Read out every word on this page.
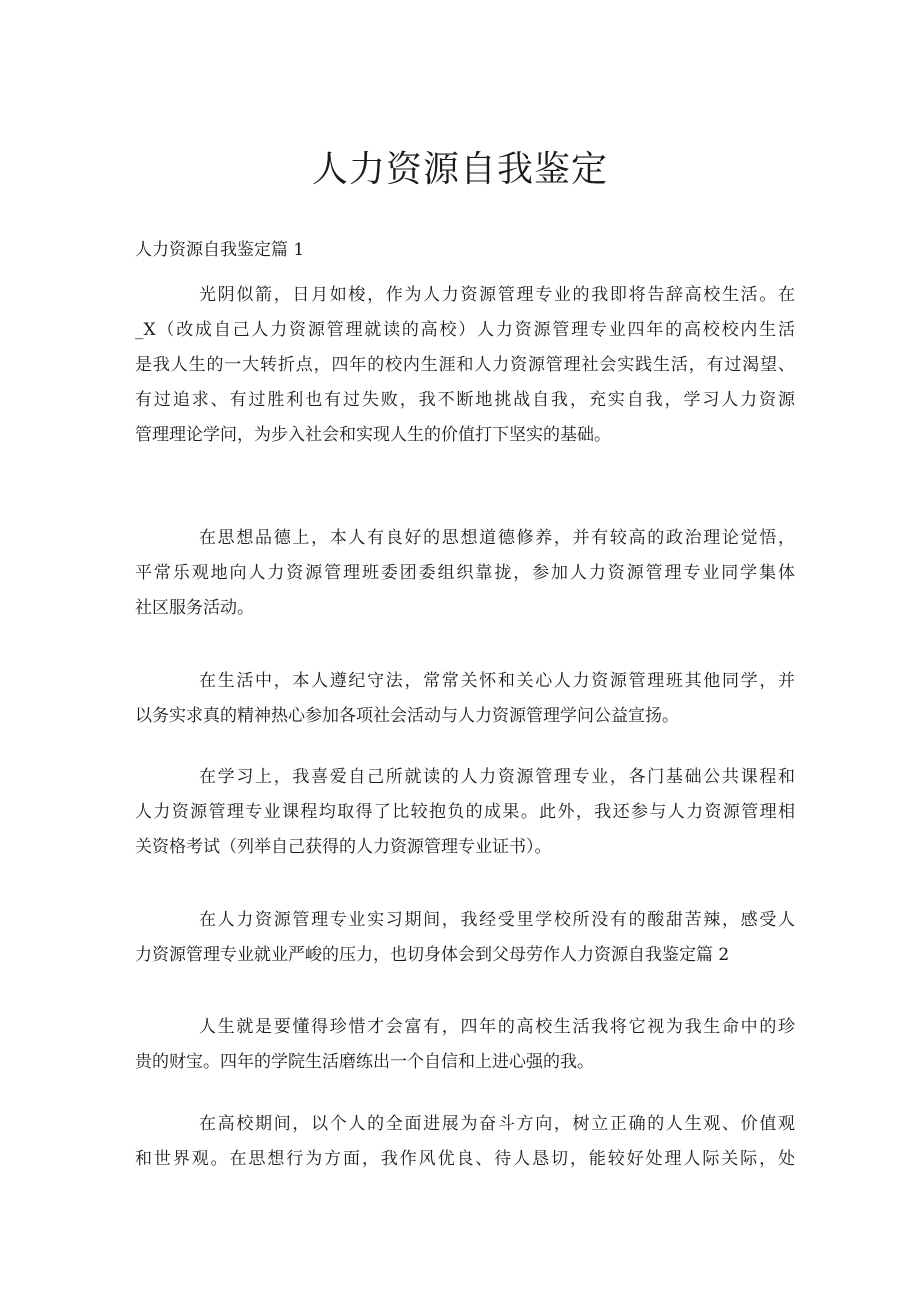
人力资源自我鉴定
人力资源自我鉴定篇 1
光阴似箭，日月如梭，作为人力资源管理专业的我即将告辞高校生活。在
_X（改成自己人力资源管理就读的高校）人力资源管理专业四年的高校校内生活
是我人生的一大转折点，四年的校内生涯和人力资源管理社会实践生活，有过渴望、
有过追求、有过胜利也有过失败，我不断地挑战自我，充实自我，学习人力资源
管理理论学问，为步入社会和实现人生的价值打下坚实的基础。
在思想品德上，本人有良好的思想道德修养，并有较高的政治理论觉悟，
平常乐观地向人力资源管理班委团委组织靠拢，参加人力资源管理专业同学集体
社区服务活动。
在生活中，本人遵纪守法，常常关怀和关心人力资源管理班其他同学，并
以务实求真的精神热心参加各项社会活动与人力资源管理学问公益宣扬。
在学习上，我喜爱自己所就读的人力资源管理专业，各门基础公共课程和
人力资源管理专业课程均取得了比较抱负的成果。此外，我还参与人力资源管理相
关资格考试（列举自己获得的人力资源管理专业证书）。
在人力资源管理专业实习期间，我经受里学校所没有的酸甜苦辣，感受人
力资源管理专业就业严峻的压力，也切身体会到父母劳作人力资源自我鉴定篇 2
人生就是要懂得珍惜才会富有，四年的高校生活我将它视为我生命中的珍
贵的财宝。四年的学院生活磨练出一个自信和上进心强的我。
在高校期间，以个人的全面进展为奋斗方向，树立正确的人生观、价值观
和世界观。在思想行为方面，我作风优良、待人恳切，能较好处理人际关际，处
